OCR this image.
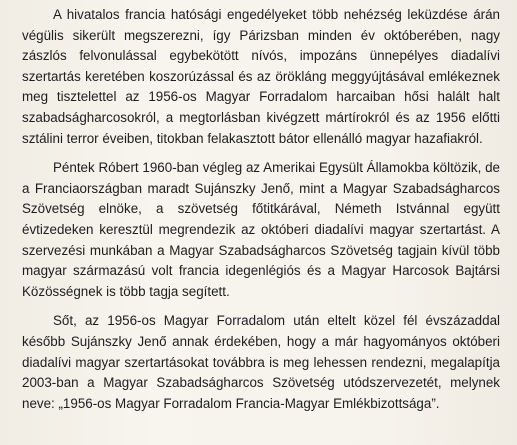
A hivatalos francia hatósági engedélyeket több nehézség leküzdése árán végülis sikerült megszerezni, így Párizsban minden év októberében, nagy zászlós felvonulással egybekötött nívós, impozáns ünnepélyes diadalívi szertartás keretében koszorúzással és az örökláng meggyújtásával emlékeznek meg tisztelettel az 1956-os Magyar Forradalom harcaiban hősi halált halt szabadságharcosokról, a megtorlásban kivégzett mártírokról és az 1956 előtti sztálini terror éveiben, titokban felakasztott bátor ellenálló magyar hazafiakról.

Péntek Róbert 1960-ban végleg az Amerikai Egysült Államokba költözik, de a Franciaországban maradt Sujánszky Jenő, mint a Magyar Szabadságharcos Szövetség elnöke, a szövetség főtitkárával, Németh Istvánnal együtt évtizedeken keresztül megrendezik az októberi diadalívi magyar szertartást. A szervezési munkában a Magyar Szabadságharcos Szövetség tagjain kívül több magyar származású volt francia idegenlégiós és a Magyar Harcosok Bajtársi Közösségnek is több tagja segített.

Sőt, az 1956-os Magyar Forradalom után eltelt közel fél évszázaddal később Sujánszky Jenő annak érdekében, hogy a már hagyományos októberi diadalívi magyar szertartásokat továbbra is meg lehessen rendezni, megalapítja 2003-ban a Magyar Szabadságharcos Szövetség utódszervezetét, melynek neve: „1956-os Magyar Forradalom Francia-Magyar Emlékbizottsága”.
